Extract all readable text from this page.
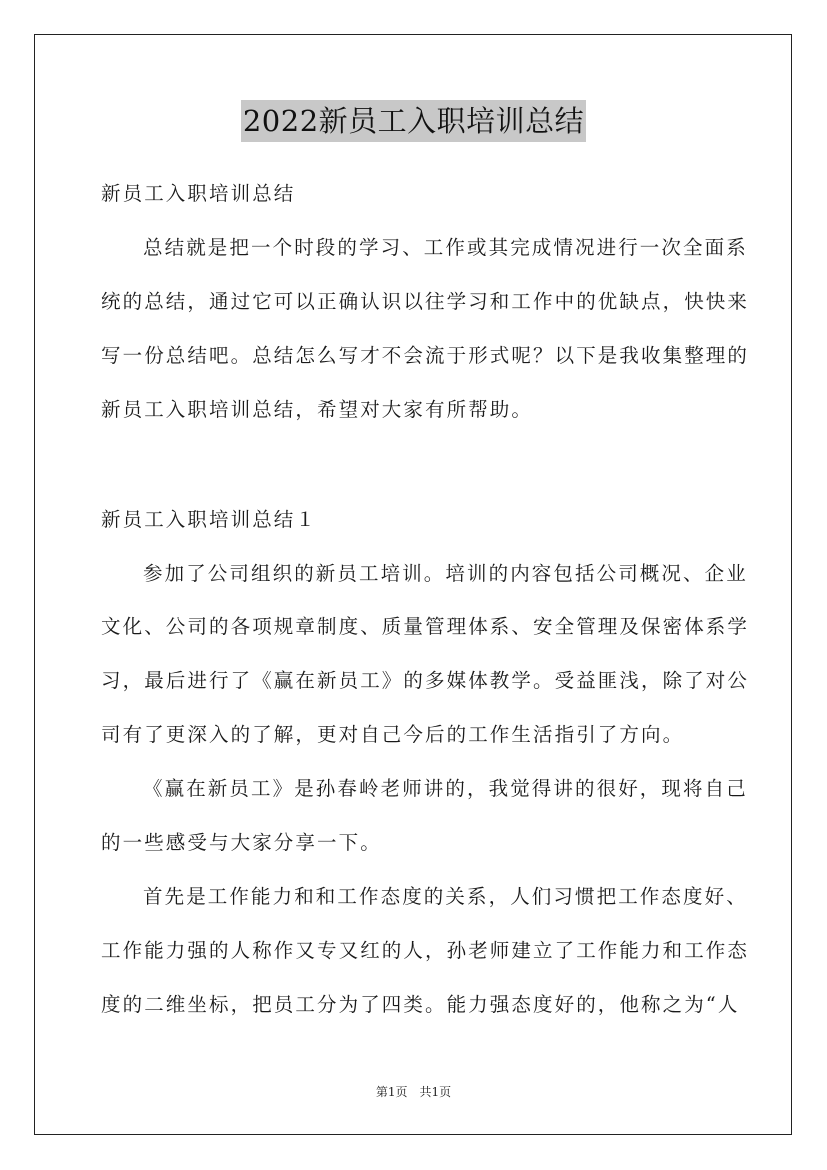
2022新员工入职培训总结
新员工入职培训总结
总结就是把一个时段的学习、工作或其完成情况进行一次全面系
统的总结，通过它可以正确认识以往学习和工作中的优缺点，快快来
写一份总结吧。总结怎么写才不会流于形式呢？以下是我收集整理的
新员工入职培训总结，希望对大家有所帮助。
新员工入职培训总结１
参加了公司组织的新员工培训。培训的内容包括公司概况、企业
文化、公司的各项规章制度、质量管理体系、安全管理及保密体系学
习，最后进行了《赢在新员工》的多媒体教学。受益匪浅，除了对公
司有了更深入的了解，更对自己今后的工作生活指引了方向。
《赢在新员工》是孙春岭老师讲的，我觉得讲的很好，现将自己
的一些感受与大家分享一下。
首先是工作能力和和工作态度的关系，人们习惯把工作态度好、
工作能力强的人称作又专又红的人，孙老师建立了工作能力和工作态
度的二维坐标，把员工分为了四类。能力强态度好的，他称之为“人
第1页　共1页
